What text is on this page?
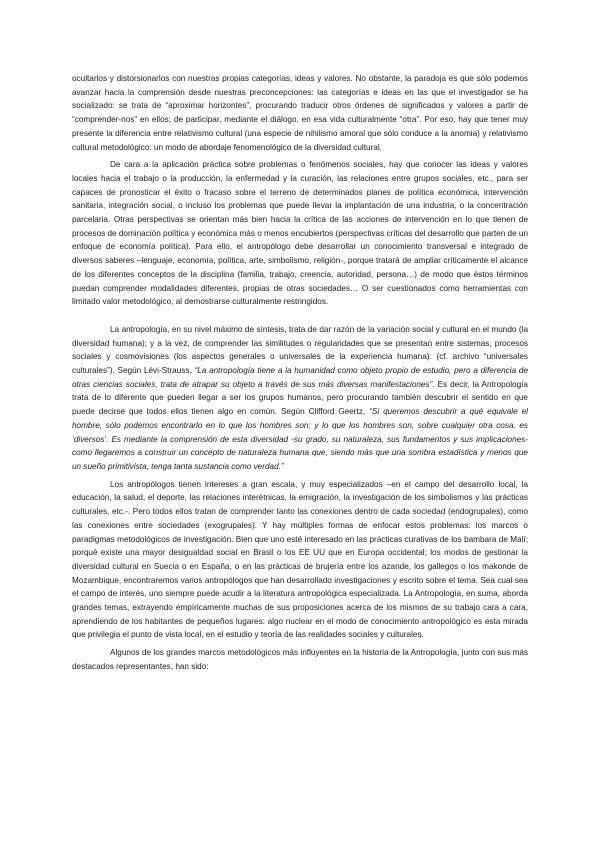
ocultarlos y distorsionarlos con nuestras propias categorías, ideas y valores. No obstante, la paradoja es que sólo podemos avanzar hacia la comprensión desde nuestras preconcepciones: las categorías e ideas en las que el investigador se ha socializado: se trata de “aproximar horizontes”, procurando traducir otros órdenes de significados y valores a partir de “comprender-nos” en ellos; de participar, mediante el diálogo, en esa vida culturalmente “otra”. Por eso, hay que tener muy presente la diferencia entre relativismo cultural (una especie de nihilismo amoral que sólo conduce a la anomia) y relativismo cultural metodológico: un modo de abordaje fenomenológico de la diversidad cultural.

De cara a la aplicación práctica sobre problemas o fenómenos sociales, hay que conocer las ideas y valores locales hacia el trabajo o la producción, la enfermedad y la curación, las relaciones entre grupos sociales, etc., para ser capaces de pronosticar el éxito o fracaso sobre el terreno de determinados planes de política económica, intervención sanitaria, integración social, o incluso los problemas que puede llevar la implantación de una industria, o la concentración parcelaria. Otras perspectivas se orientan más bien hacia la crítica de las acciones de intervención en lo que tienen de procesos de dominación política y económica más o menos encubiertos (perspectivas críticas del desarrollo que parten de un enfoque de economía política). Para ello, el antropólogo debe desarrollar un conocimiento transversal e integrado de diversos saberes –lenguaje, economía, política, arte, simbolismo, religión-, porque tratará de ampliar críticamente el alcance de los diferentes conceptos de la disciplina (familia, trabajo, creencia, autoridad, persona…) de modo que éstos términos puedan comprender modalidades diferentes, propias de otras sociedades… O ser cuestionados como herramientas con limitado valor metodológico, al demostrarse culturalmente restringidos.

La antropología, en su nivel máximo de síntesis, trata de dar razón de la variación social y cultural en el mundo (la diversidad humana); y a la vez, de comprender las similitudes o regularidades que se presentan entre sistemas, procesos sociales y cosmovisiones (los aspectos generales o universales de la experiencia humana). (cf. archivo “universales culturales”). Según Lévi-Strauss, “La antropología tiene a la humanidad como objeto propio de estudio, pero a diferencia de otras ciencias sociales, trata de atrapar su objeto a través de sus más diversas manifestaciones”. Es decir, la Antropología trata de lo diferente que pueden llegar a ser los grupos humanos, pero procurando también descubrir el sentido en que puede decirse que todos ellos tienen algo en común. Según Clifford Geertz, “Si queremos descubrir a qué equivale el hombre, sólo podemos encontrarlo en lo que los hombres son: y lo que los hombres son, sobre cualquier otra cosa, es ‘diversos’. Es mediante la comprensión de esta diversidad -su grado, su naturaleza, sus fundamentos y sus implicaciones- como llegaremos a construir un concepto de naturaleza humana que, siendo más que una sombra estadística y menos que un sueño primitivista, tenga tanta sustancia como verdad.”

Los antropólogos tienen intereses a gran escala, y muy especializados –en el campo del desarrollo local, la educación, la salud, el deporte, las relaciones interétnicas, la emigración, la investigación de los simbolismos y las prácticas culturales, etc.-. Pero todos ellos tratan de comprender tanto las conexiones dentro de cada sociedad (endogrupales), como las conexiones entre sociedades (exogrupales). Y hay múltiples formas de enfocar estos problemas: los marcos o paradigmas metodológicos de investigación. Bien que uno esté interesado en las prácticas curativas de los bambara de Malí; porqué existe una mayor desigualdad social en Brasil o los EE UU que en Europa occidental; los modos de gestionar la diversidad cultural en Suecia o en España, o en las prácticas de brujería entre los azande, los gallegos o los makonde de Mozambique, encontraremos varios antropólogos que han desarrollado investigaciones y escrito sobre el tema. Sea cual sea el campo de interés, uno siempre puede acudir a la literatura antropológica especializada. La Antropología, en suma, aborda grandes temas, extrayendo empíricamente muchas de sus proposiciones acerca de los mismos de su trabajo cara a cara, aprendiendo de los habitantes de pequeños lugares: algo nuclear en el modo de conocimiento antropológico es esta mirada que privilegia el punto de vista local, en el estudio y teoría de las realidades sociales y culturales.

Algunos de los grandes marcos metodológicos más influyentes en la historia de la Antropología, junto con sus más destacados representantes, han sido:
